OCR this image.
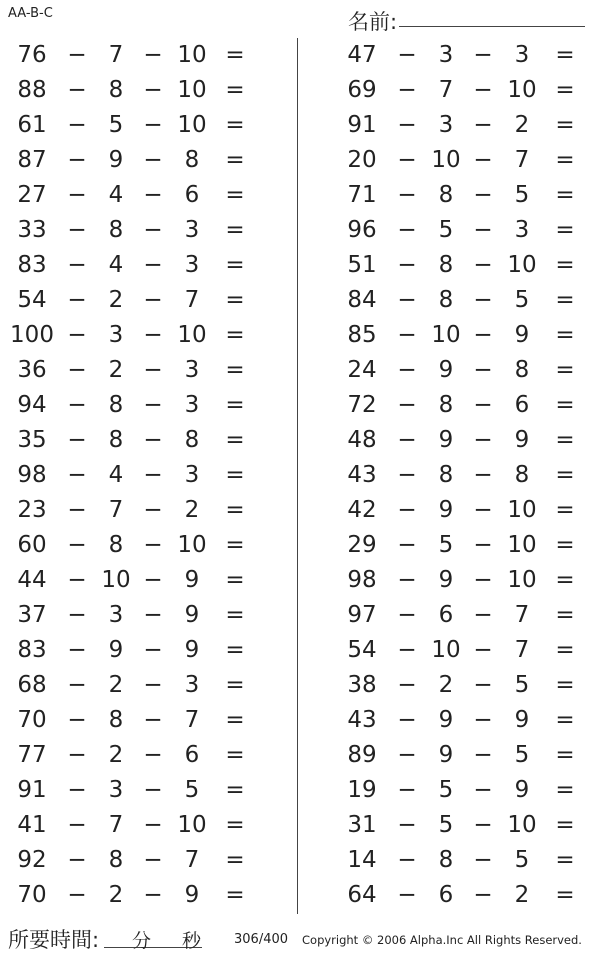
AA-B-C	名前:
76 − 7 − 10 =
88 − 8 − 10 =
61 − 5 − 10 =
87 − 9 − 8	=
27 − 4 − 6	=
33 − 8 − 3	=
83 − 4 − 3	=
54 − 2 − 7	=
100 − 3 − 10 =
36 − 2 − 3	=
94 − 8 − 3	=
35 − 8 − 8	=
98 − 4 − 3	=
23 − 7 − 2	=
60 − 8 − 10 =
44 − 10 − 9	=
37 − 3 − 9	=
83 − 9 − 9	=
68 − 2 − 3	=
70 − 8 − 7	=
77 − 2 − 6	=
91 − 3 − 5	=
41 − 7 − 10 =
92 − 8 − 7	=
70 − 2 − 9	=
47 − 3 − 3	=
69 − 7 − 10 =
91 − 3 − 2	=
20 − 10 − 7	=
71 − 8 − 5	=
96 − 5 − 3	=
51 − 8 − 10 =
84 − 8 − 5	=
85 − 10 − 9	=
24 − 9 − 8	=
72 − 8 − 6	=
48 − 9 − 9	=
43 − 8 − 8	=
42 − 9 − 10 =
29 − 5 − 10 =
98 − 9 − 10 =
97 − 6 − 7	=
54 − 10 − 7	=
38 − 2 − 5	=
43 − 9 − 9	=
89 − 9 − 5	=
19 − 5 − 9	=
31 − 5 − 10 =
14 − 8 − 5	=
64 − 6 − 2	=
所要時間: 分 秒	306/400 Copyright © 2006 Alpha.Inc All Rights Reserved.
